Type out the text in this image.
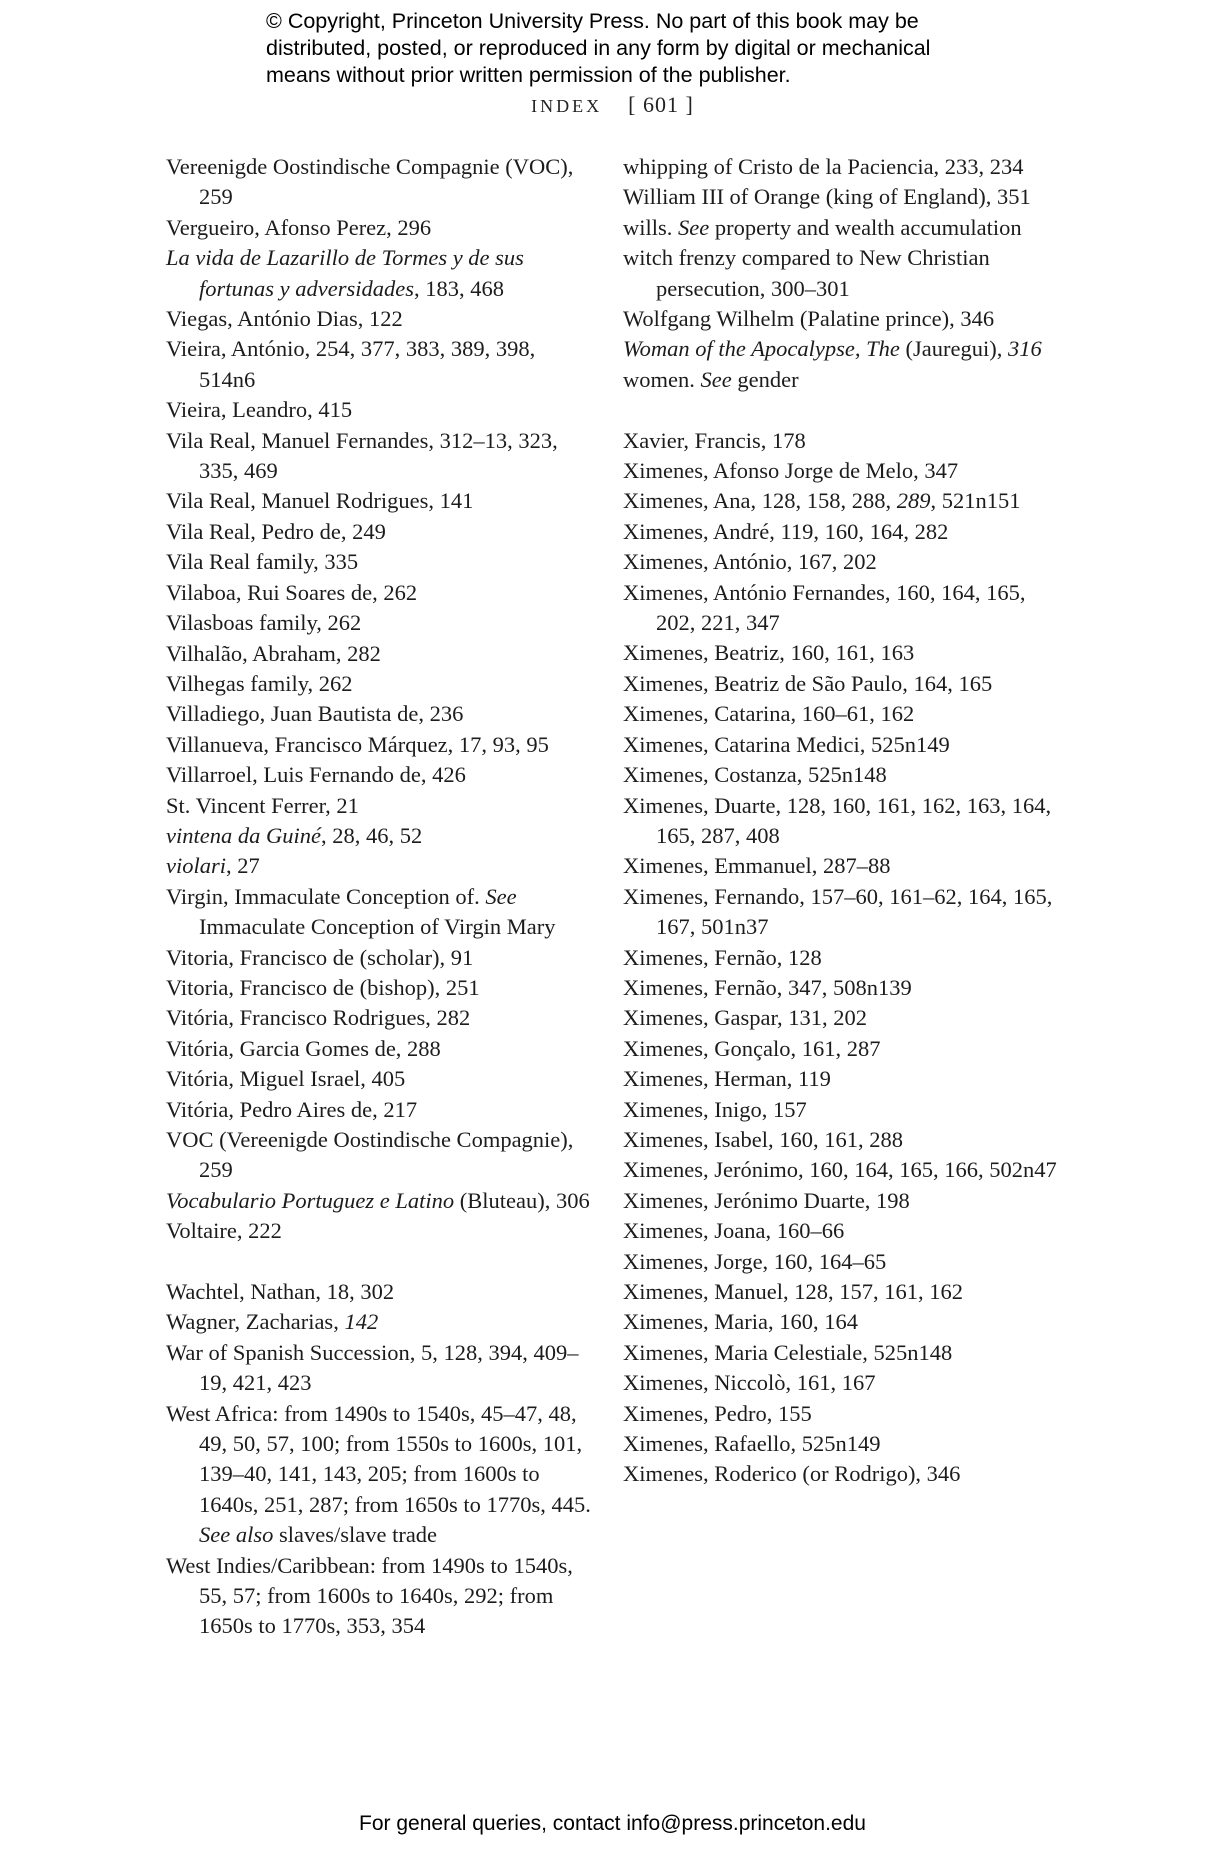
© Copyright, Princeton University Press. No part of this book may be
distributed, posted, or reproduced in any form by digital or mechanical
means without prior written permission of the publisher.
INDEX [ 601 ]

Vereenigde Oostindische Compagnie (VOC), 259

Vergueiro, Afonso Perez, 296

La vida de Lazarillo de Tormes y de sus fortunas y adversidades, 183, 468

Viegas, António Dias, 122

Vieira, António, 254, 377, 383, 389, 398, 514n6

Vieira, Leandro, 415

Vila Real, Manuel Fernandes, 312–13, 323, 335, 469

Vila Real, Manuel Rodrigues, 141

Vila Real, Pedro de, 249

Vila Real family, 335

Vilaboa, Rui Soares de, 262

Vilasboas family, 262

Vilhalão, Abraham, 282

Vilhegas family, 262

Villadiego, Juan Bautista de, 236

Villanueva, Francisco Márquez, 17, 93, 95

Villarroel, Luis Fernando de, 426

St. Vincent Ferrer, 21

vintena da Guiné, 28, 46, 52

violari, 27

Virgin, Immaculate Conception of. See Immaculate Conception of Virgin Mary

Vitoria, Francisco de (scholar), 91

Vitoria, Francisco de (bishop), 251

Vitória, Francisco Rodrigues, 282

Vitória, Garcia Gomes de, 288

Vitória, Miguel Israel, 405

Vitória, Pedro Aires de, 217

VOC (Vereenigde Oostindische Compagnie), 259

Vocabulario Portuguez e Latino (Bluteau), 306

Voltaire, 222

Wachtel, Nathan, 18, 302

Wagner, Zacharias, 142

War of Spanish Succession, 5, 128, 394, 409–19, 421, 423

West Africa: from 1490s to 1540s, 45–47, 48, 49, 50, 57, 100; from 1550s to 1600s, 101, 139–40, 141, 143, 205; from 1600s to 1640s, 251, 287; from 1650s to 1770s, 445. See also slaves/slave trade

West Indies/Caribbean: from 1490s to 1540s, 55, 57; from 1600s to 1640s, 292; from 1650s to 1770s, 353, 354

whipping of Cristo de la Paciencia, 233, 234

William III of Orange (king of England), 351

wills. See property and wealth accumulation

witch frenzy compared to New Christian persecution, 300–301

Wolfgang Wilhelm (Palatine prince), 346

Woman of the Apocalypse, The (Jauregui), 316

women. See gender

Xavier, Francis, 178

Ximenes, Afonso Jorge de Melo, 347

Ximenes, Ana, 128, 158, 288, 289, 521n151

Ximenes, André, 119, 160, 164, 282

Ximenes, António, 167, 202

Ximenes, António Fernandes, 160, 164, 165, 202, 221, 347

Ximenes, Beatriz, 160, 161, 163

Ximenes, Beatriz de São Paulo, 164, 165

Ximenes, Catarina, 160–61, 162

Ximenes, Catarina Medici, 525n149

Ximenes, Costanza, 525n148

Ximenes, Duarte, 128, 160, 161, 162, 163, 164, 165, 287, 408

Ximenes, Emmanuel, 287–88

Ximenes, Fernando, 157–60, 161–62, 164, 165, 167, 501n37

Ximenes, Fernão, 128

Ximenes, Fernão, 347, 508n139

Ximenes, Gaspar, 131, 202

Ximenes, Gonçalo, 161, 287

Ximenes, Herman, 119

Ximenes, Inigo, 157

Ximenes, Isabel, 160, 161, 288

Ximenes, Jerónimo, 160, 164, 165, 166, 502n47

Ximenes, Jerónimo Duarte, 198

Ximenes, Joana, 160–66

Ximenes, Jorge, 160, 164–65

Ximenes, Manuel, 128, 157, 161, 162

Ximenes, Maria, 160, 164

Ximenes, Maria Celestiale, 525n148

Ximenes, Niccolò, 161, 167

Ximenes, Pedro, 155

Ximenes, Rafaello, 525n149

Ximenes, Roderico (or Rodrigo), 346

For general queries, contact info@press.princeton.edu
